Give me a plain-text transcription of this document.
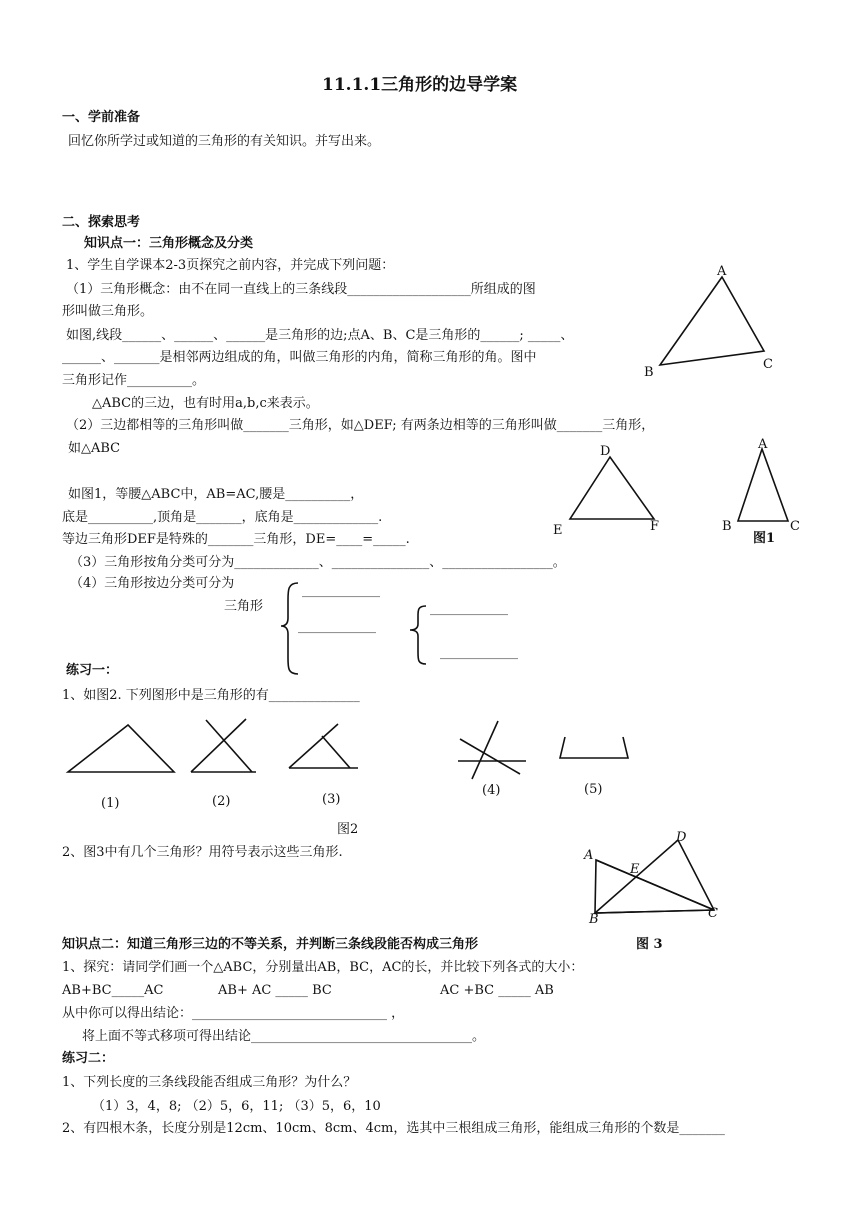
11.1.1三角形的边导学案
一、学前准备
回忆你所学过或知道的三角形的有关知识。并写出来。
二、探索思考
知识点一：三角形概念及分类
1、学生自学课本2-3页探究之前内容，并完成下列问题：
（1）三角形概念：由不在同一直线上的三条线段___________________所组成的图
形叫做三角形。
如图,线段______、______、______是三角形的边;点A、B、C是三角形的______; _____、
______、_______是相邻两边组成的角，叫做三角形的内角，简称三角形的角。图中
三角形记作__________。
△ABC的三边，也有时用a,b,c来表示。
（2）三边都相等的三角形叫做_______三角形，如△DEF; 有两条边相等的三角形叫做_______三角形，
如△ABC
如图1，等腰△ABC中，AB=AC,腰是__________，
底是__________,顶角是_______，底角是_____________.
等边三角形DEF是特殊的_______三角形，DE=____=_____.
（3）三角形按角分类可分为_____________、_______________、_________________。
（4）三角形按边分类可分为
三角形
____________
____________
____________
____________
A
B
C
D
E	F
A
B	C
图1
练习一：
1、如图2. 下列图形中是三角形的有______________
(1)	(2)	(3)
(4)	(5)
图2
2、图3中有几个三角形？用符号表示这些三角形.	A
B	C
D
E
图 3
知识点二：知道三角形三边的不等关系，并判断三条线段能否构成三角形
1、探究：请同学们画一个△ABC，分别量出AB，BC，AC的长，并比较下列各式的大小：
AB+BC_____AC	AB+ AC _____ BC	AC +BC _____ AB
从中你可以得出结论：______________________________ ，
将上面不等式移项可得出结论__________________________________。
练习二：
1、下列长度的三条线段能否组成三角形？为什么？
（1）3，4，8; （2）5，6，11; （3）5，6，10
2、有四根木条，长度分别是12cm、10cm、8cm、4cm，选其中三根组成三角形，能组成三角形的个数是_______
